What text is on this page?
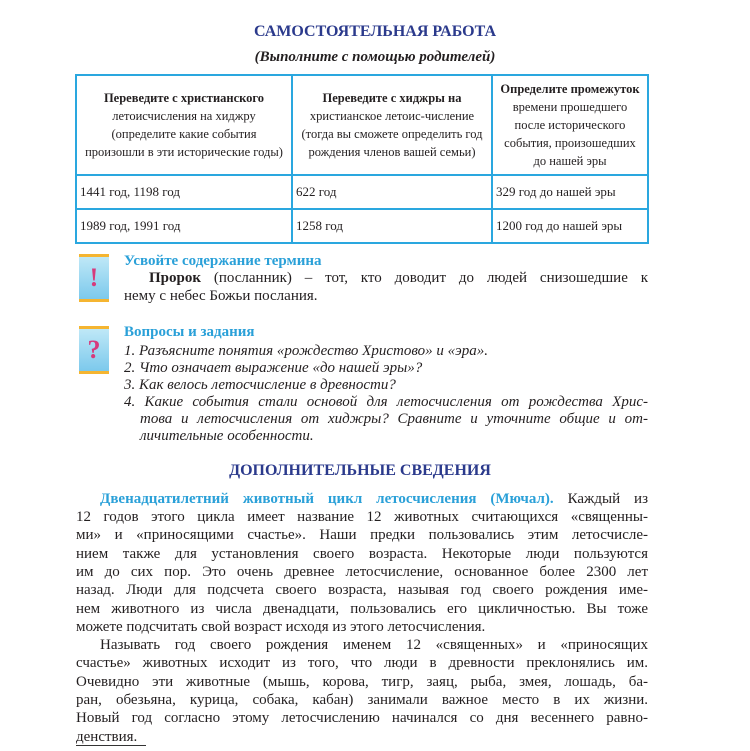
САМОСТОЯТЕЛЬНАЯ РАБОТА
(Выполните с помощью родителей)
Переведите с христианского летоисчисления на хиджру (определите какие события произошли в эти исторические годы)	Переведите с хиджры на христианское летоис-числение (тогда вы сможете определить год рождения членов вашей семьи)	Определите промежуток времени прошедшего после исторического события, произошедших до нашей эры
1441 год, 1198 год	622 год	329 год до нашей эры
1989 год, 1991 год	1258 год	1200 год до нашей эры
!
Усвойте содержание термина
Пророк (посланник) – тот, кто доводит до людей снизошедшие к
нему с небес Божьи послания.
?
Вопросы и задания
1. Разъясните понятия «рождество Христово» и «эра».
2. Что означает выражение «до нашей эры»?
3. Как велось летосчисление в древности?
4. Какие события стали основой для летосчисления от рождества Хрис-
това и летосчисления от хиджры? Сравните и уточните общие и от-
личительные особенности.
ДОПОЛНИТЕЛЬНЫЕ СВЕДЕНИЯ
Двенадцатилетний животный цикл летосчисления (Мючал). Каждый из
12 годов этого цикла имеет название 12 животных считающихся «священны-
ми» и «приносящими счастье». Наши предки пользовались этим летосчисле-
нием также для установления своего возраста. Некоторые люди пользуются
им до сих пор. Это очень древнее летосчисление, основанное более 2300 лет
назад. Люди для подсчета своего возраста, называя год своего рождения име-
нем животного из числа двенадцати, пользовались его цикличностью. Вы тоже
можете подсчитать свой возраст исходя из этого летосчисления.
Называть год своего рождения именем 12 «священных» и «приносящих
счастье» животных исходит из того, что люди в древности преклонялись им.
Очевидно эти животные (мышь, корова, тигр, заяц, рыба, змея, лошадь, ба-
ран, обезьяна, курица, собака, кабан) занимали важное место в их жизни.
Новый год согласно этому летосчислению начинался со дня весеннего равно-
денствия.
